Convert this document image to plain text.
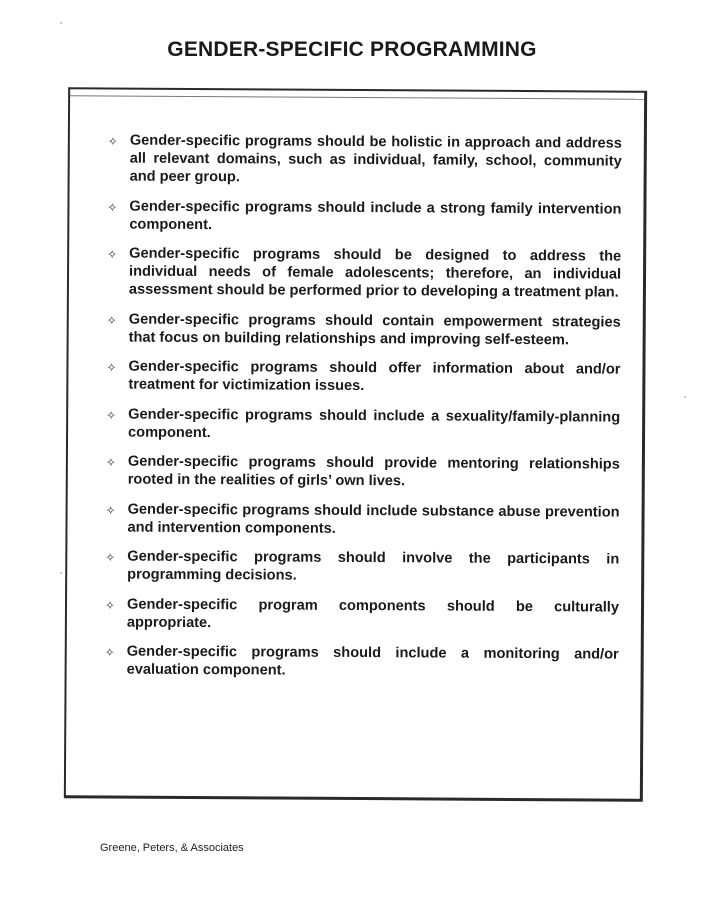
GENDER-SPECIFIC PROGRAMMING
✧ Gender-specific programs should be holistic in approach and address all relevant domains, such as individual, family, school, community and peer group.
✧ Gender-specific programs should include a strong family intervention component.
✧ Gender-specific programs should be designed to address the individual needs of female adolescents; therefore, an individual assessment should be performed prior to developing a treatment plan.
✧ Gender-specific programs should contain empowerment strategies that focus on building relationships and improving self-esteem.
✧ Gender-specific programs should offer information about and/or treatment for victimization issues.
✧ Gender-specific programs should include a sexuality/family-planning component.
✧ Gender-specific programs should provide mentoring relationships rooted in the realities of girls’ own lives.
✧ Gender-specific programs should include substance abuse prevention and intervention components.
✧ Gender-specific programs should involve the participants in programming decisions.
✧ Gender-specific program components should be culturally appropriate.
✧ Gender-specific programs should include a monitoring and/or evaluation component.
Greene, Peters, & Associates
